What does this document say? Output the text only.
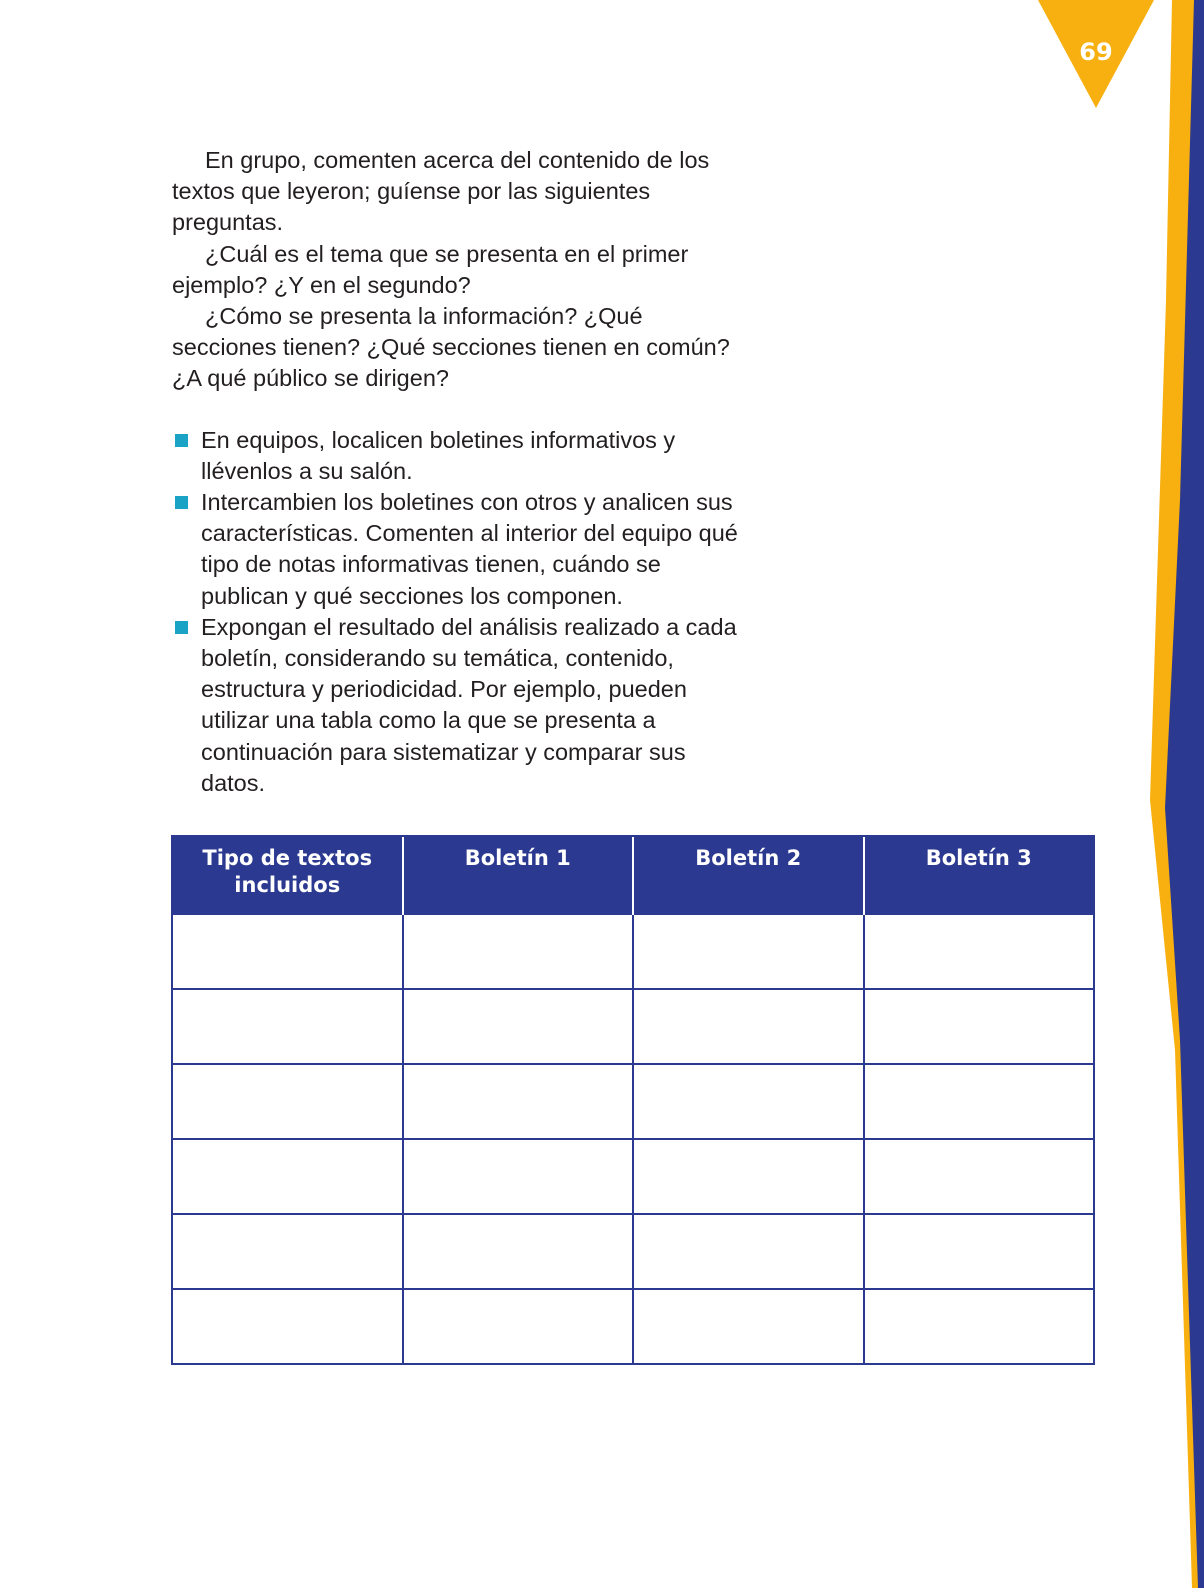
69

En grupo, comenten acerca del contenido de los textos que leyeron; guíense por las siguientes preguntas.

¿Cuál es el tema que se presenta en el primer ejemplo? ¿Y en el segundo?

¿Cómo se presenta la información? ¿Qué secciones tienen? ¿Qué secciones tienen en común? ¿A qué público se dirigen?

En equipos, localicen boletines informativos y llévenlos a su salón.
Intercambien los boletines con otros y analicen sus características. Comenten al interior del equipo qué tipo de notas informativas tienen, cuándo se publican y qué secciones los componen.
Expongan el resultado del análisis realizado a cada boletín, considerando su temática, contenido, estructura y periodicidad. Por ejemplo, pueden utilizar una tabla como la que se presenta a continuación para sistematizar y comparar sus datos.
Tipo de textos incluidos	Boletín 1	Boletín 2	Boletín 3
